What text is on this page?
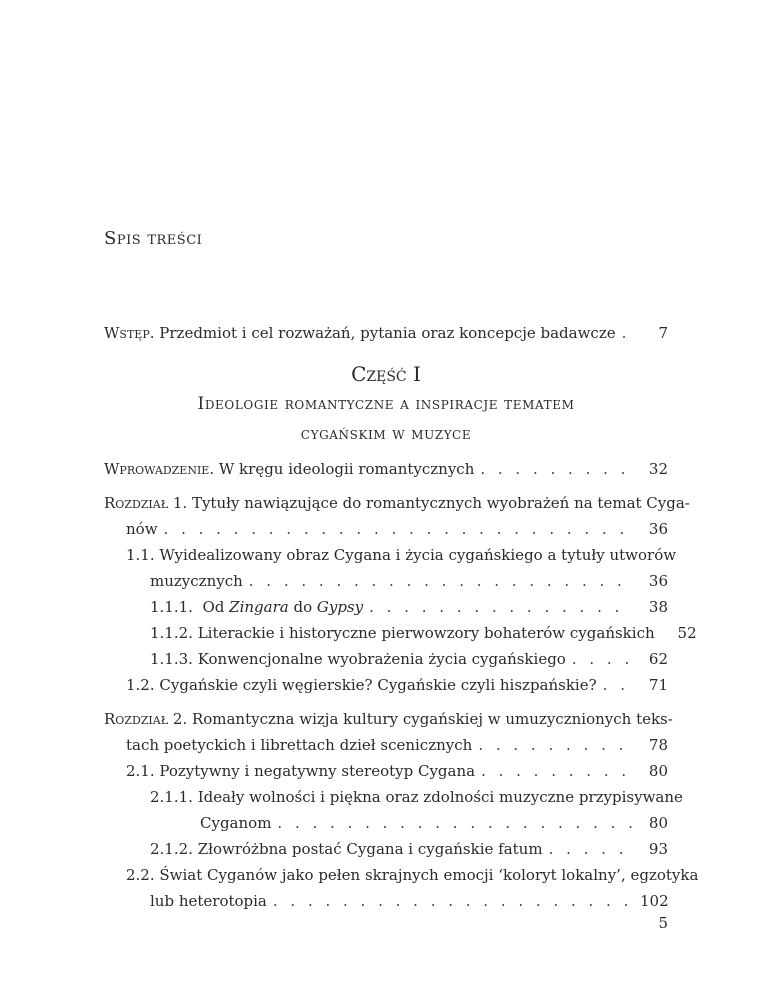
Spis treści
Wstęp. Przedmiot i cel rozważań, pytania oraz koncepcje badawcze . . .	7
Część I
Ideologie romantyczne a inspiracje tematem
cygańskim w muzyce
Wprowadzenie. W kręgu ideologii romantycznych . . .	32
Rozdział 1. Tytuły nawiązujące do romantycznych wyobrażeń na temat Cyga-
nów . . .	36
1.1. Wyidealizowany obraz Cygana i życia cygańskiego a tytuły utworów
muzycznych . . .	36
1.1.1. Od Zingara do Gypsy . . .	38
1.1.2. Literackie i historyczne pierwowzory bohaterów cygańskich	52
1.1.3. Konwencjonalne wyobrażenia życia cygańskiego . . .	62
1.2. Cygańskie czyli węgierskie? Cygańskie czyli hiszpańskie? . . .	71
Rozdział 2. Romantyczna wizja kultury cygańskiej w umuzycznionych teks-
tach poetyckich i librettach dzieł scenicznych . . .	78
2.1. Pozytywny i negatywny stereotyp Cygana . . .	80
2.1.1. Ideały wolności i piękna oraz zdolności muzyczne przypisywane
Cyganom . . .	80
2.1.2. Złowróżbna postać Cygana i cygańskie fatum . . .	93
2.2. Świat Cyganów jako pełen skrajnych emocji ‘koloryt lokalny’, egzotyka
lub heterotopia . . .	102
5
